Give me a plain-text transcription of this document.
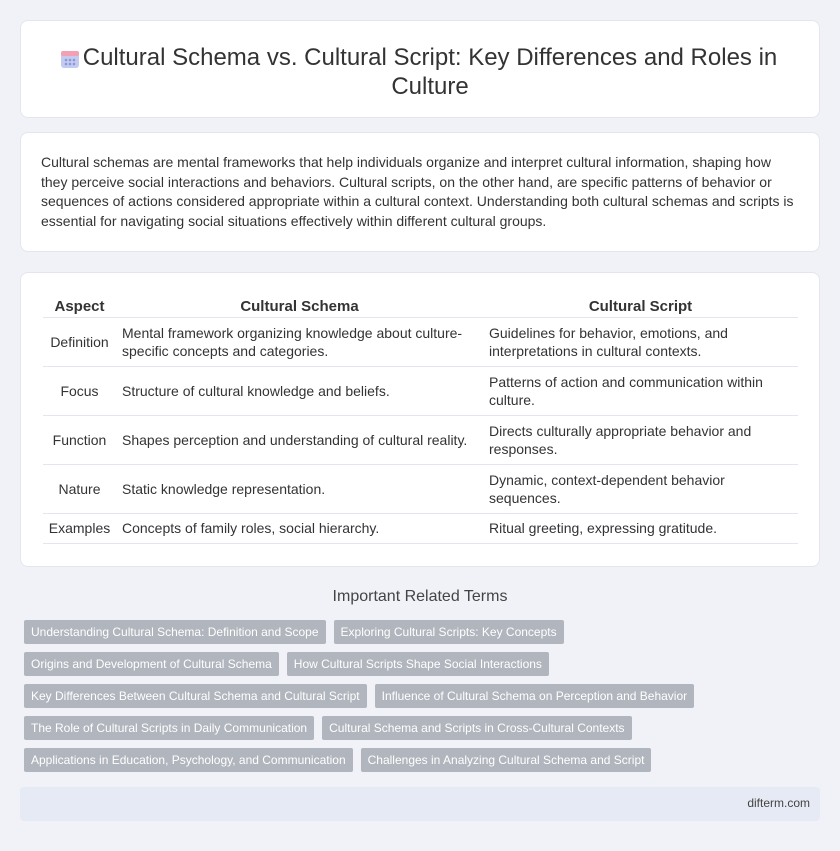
Cultural Schema vs. Cultural Script: Key Differences and Roles in Culture

Cultural schemas are mental frameworks that help individuals organize and interpret cultural information, shaping how they perceive social interactions and behaviors. Cultural scripts, on the other hand, are specific patterns of behavior or sequences of actions considered appropriate within a cultural context. Understanding both cultural schemas and scripts is essential for navigating social situations effectively within different cultural groups.

Aspect	Cultural Schema	Cultural Script
Definition	Mental framework organizing knowledge about culture-specific concepts and categories.	Guidelines for behavior, emotions, and interpretations in cultural contexts.
Focus	Structure of cultural knowledge and beliefs.	Patterns of action and communication within culture.
Function	Shapes perception and understanding of cultural reality.	Directs culturally appropriate behavior and responses.
Nature	Static knowledge representation.	Dynamic, context-dependent behavior sequences.
Examples	Concepts of family roles, social hierarchy.	Ritual greeting, expressing gratitude.
Important Related Terms
Understanding Cultural Schema: Definition and Scope	Exploring Cultural Scripts: Key Concepts
Origins and Development of Cultural Schema	How Cultural Scripts Shape Social Interactions
Key Differences Between Cultural Schema and Cultural Script	Influence of Cultural Schema on Perception and Behavior
The Role of Cultural Scripts in Daily Communication	Cultural Schema and Scripts in Cross-Cultural Contexts
Applications in Education, Psychology, and Communication	Challenges in Analyzing Cultural Schema and Script
difterm.com
